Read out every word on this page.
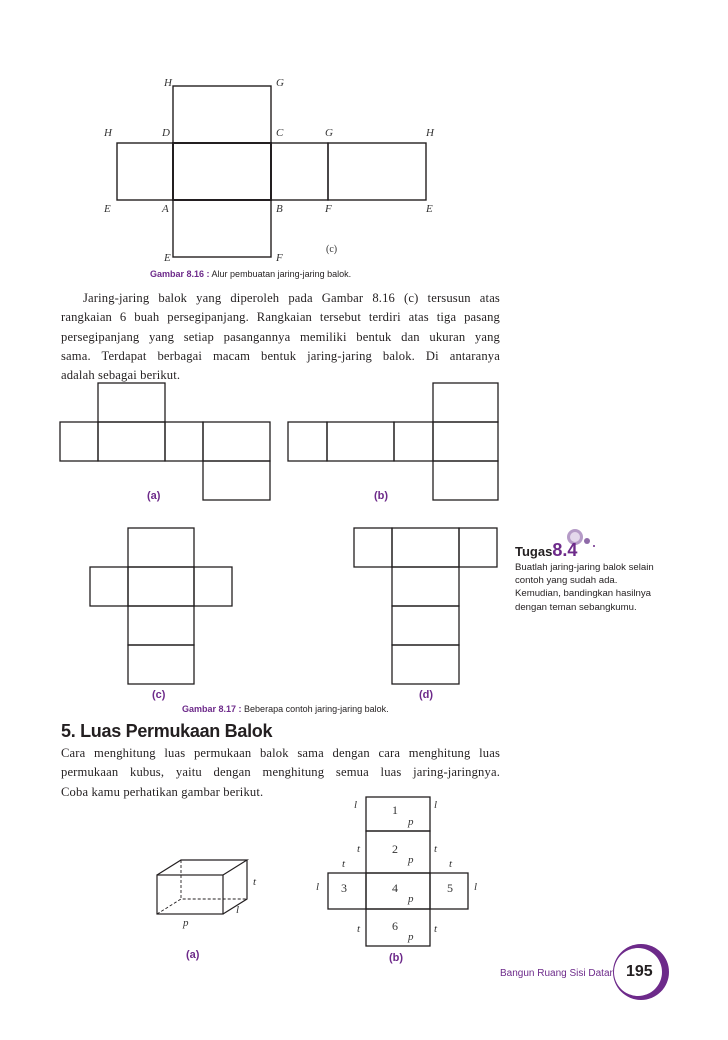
H	G
H	D	C	G	H
E	A	B	F	E
E	F
(c)
Gambar 8.16 : Alur pembuatan jaring-jaring balok.
Jaring-jaring balok yang diperoleh pada Gambar 8.16 (c) tersusun atas
rangkaian 6 buah persegipanjang. Rangkaian tersebut terdiri atas tiga pasang
persegipanjang yang setiap pasangannya memiliki bentuk dan ukuran yang
sama. Terdapat berbagai macam bentuk jaring-jaring balok. Di antaranya
adalah sebagai berikut.
(a)	(b)
(c)	(d)
Gambar 8.17 : Beberapa contoh jaring-jaring balok.
Tugas8.4
Buatlah jaring-jaring balok selain contoh yang sudah ada. Kemudian, bandingkan hasilnya dengan teman sebangkumu.
5. Luas Permukaan Balok
Cara menghitung luas permukaan balok sama dengan cara menghitung luas
permukaan kubus, yaitu dengan menghitung semua luas jaring-jaringnya.
Coba kamu perhatikan gambar berikut.
t
l
p
(a)
1
p
l	l
2
p
t	t
t	t
3
l	4
p
5 l
6
p
t	t
(b)
Bangun Ruang Sisi Datar 195
